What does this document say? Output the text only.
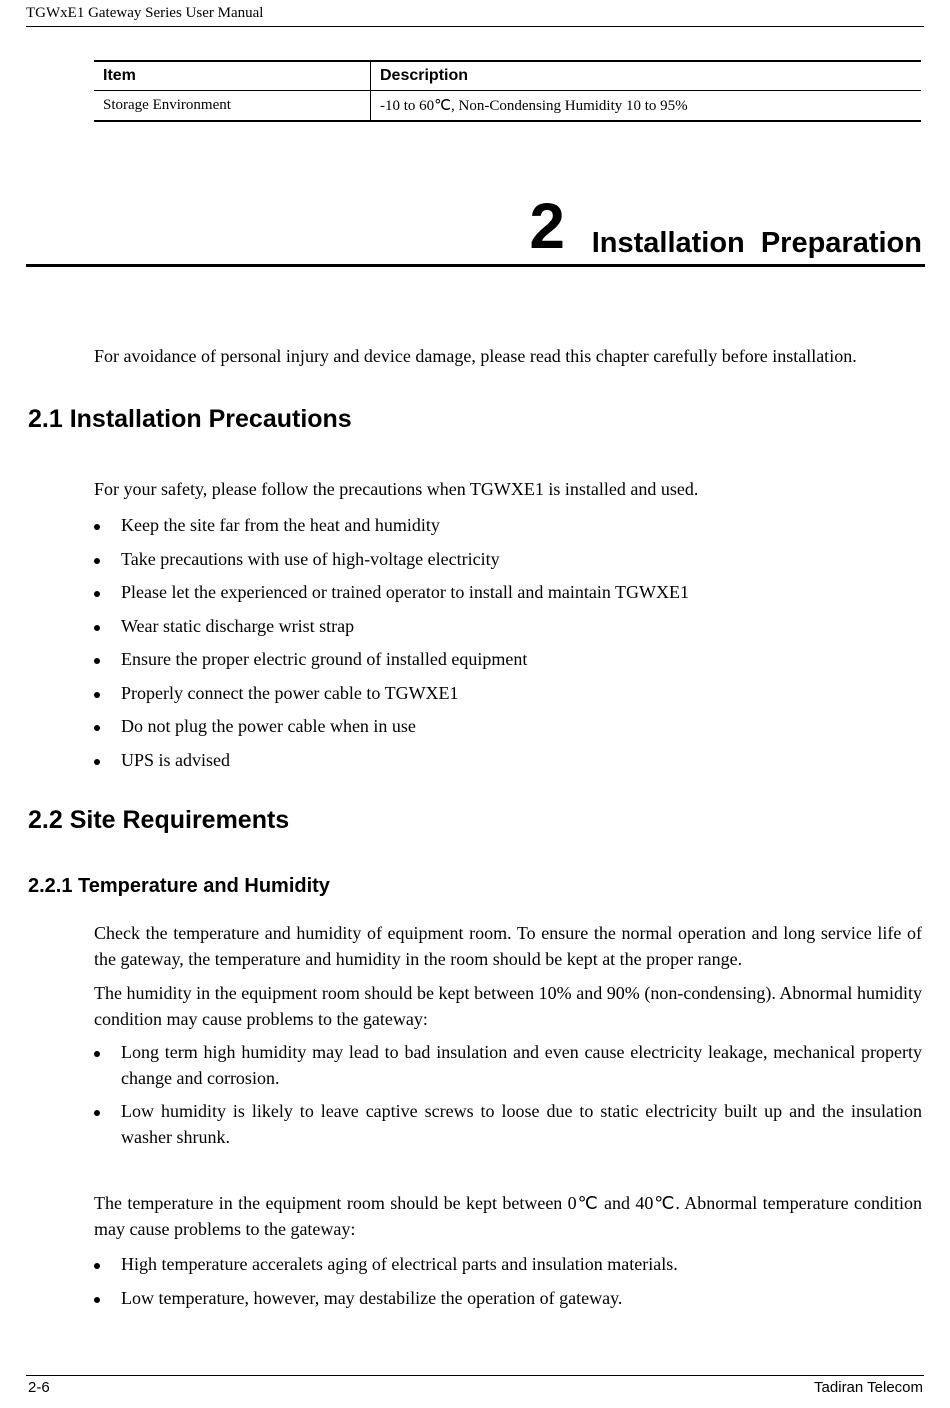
TGWxE1 Gateway Series User Manual
Item	Description
Storage Environment	-10 to 60℃, Non-Condensing Humidity 10 to 95%
2 Installation Preparation

For avoidance of personal injury and device damage, please read this chapter carefully before installation.

2.1 Installation Precautions

For your safety, please follow the precautions when TGWXE1 is installed and used.

Keep the site far from the heat and humidity
Take precautions with use of high-voltage electricity
Please let the experienced or trained operator to install and maintain TGWXE1
Wear static discharge wrist strap
Ensure the proper electric ground of installed equipment
Properly connect the power cable to TGWXE1
Do not plug the power cable when in use
UPS is advised
2.2 Site Requirements
2.2.1 Temperature and Humidity

Check the temperature and humidity of equipment room. To ensure the normal operation and long service life of the gateway, the temperature and humidity in the room should be kept at the proper range.

The humidity in the equipment room should be kept between 10% and 90% (non-condensing). Abnormal humidity condition may cause problems to the gateway:

Long term high humidity may lead to bad insulation and even cause electricity leakage, mechanical property change and corrosion.
Low humidity is likely to leave captive screws to loose due to static electricity built up and the insulation washer shrunk.

The temperature in the equipment room should be kept between 0℃ and 40℃. Abnormal temperature condition may cause problems to the gateway:

High temperature acceralets aging of electrical parts and insulation materials.
Low temperature, however, may destabilize the operation of gateway.
2-6	Tadiran Telecom
